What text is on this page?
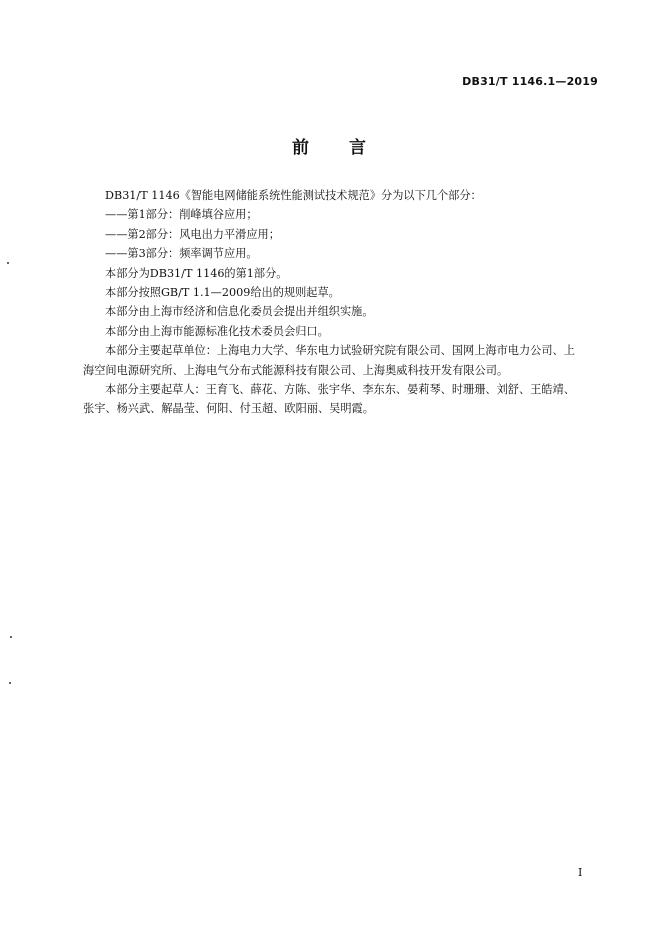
DB31/T 1146.1—2019
前言

DB31/T 1146《智能电网储能系统性能测试技术规范》分为以下几个部分：

——第1部分：削峰填谷应用；

——第2部分：风电出力平滑应用；

——第3部分：频率调节应用。

本部分为DB31/T 1146的第1部分。

本部分按照GB/T 1.1—2009给出的规则起草。

本部分由上海市经济和信息化委员会提出并组织实施。

本部分由上海市能源标准化技术委员会归口。

本部分主要起草单位：上海电力大学、华东电力试验研究院有限公司、国网上海市电力公司、上海空间电源研究所、上海电气分布式能源科技有限公司、上海奥威科技开发有限公司。

本部分主要起草人：王育飞、薛花、方陈、张宇华、李东东、晏莉琴、时珊珊、刘舒、王皓靖、张宇、杨兴武、解晶莹、何阳、付玉超、欧阳丽、吴明霞。

I
